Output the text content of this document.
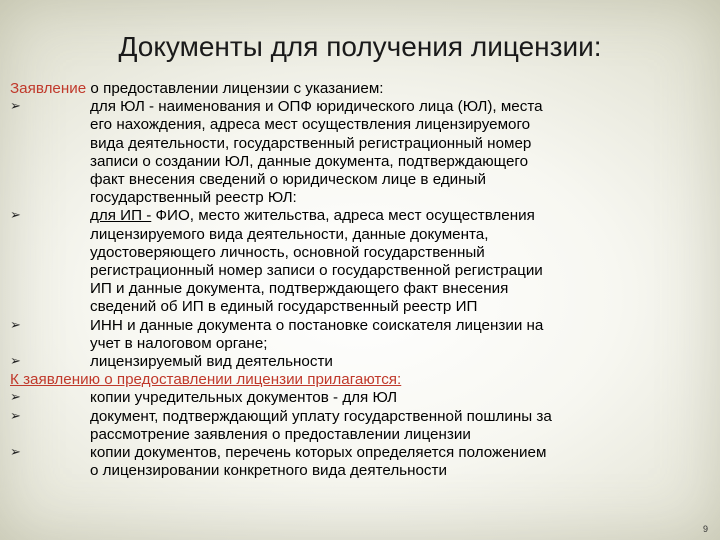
Документы для получения лицензии:

Заявление о предоставлении лицензии с указанием:

➢	для ЮЛ - наименования и ОПФ юридического лица (ЮЛ), места
его нахождения, адреса мест осуществления лицензируемого
вида деятельности, государственный регистрационный номер
записи о создании ЮЛ, данные документа, подтверждающего
факт внесения сведений о юридическом лице в единый
государственный реестр ЮЛ:
➢	для ИП - ФИО, место жительства, адреса мест осуществления
лицензируемого вида деятельности, данные документа,
удостоверяющего личность, основной государственный
регистрационный номер записи о государственной регистрации
ИП и данные документа, подтверждающего факт внесения
сведений об ИП в единый государственный реестр ИП
➢	ИНН и данные документа о постановке соискателя лицензии на
учет в налоговом органе;
➢	лицензируемый вид деятельности

К заявлению о предоставлении лицензии прилагаются:

➢	копии учредительных документов - для ЮЛ
➢	документ, подтверждающий уплату государственной пошлины за
рассмотрение заявления о предоставлении лицензии
➢	копии документов, перечень которых определяется положением
о лицензировании конкретного вида деятельности
9
